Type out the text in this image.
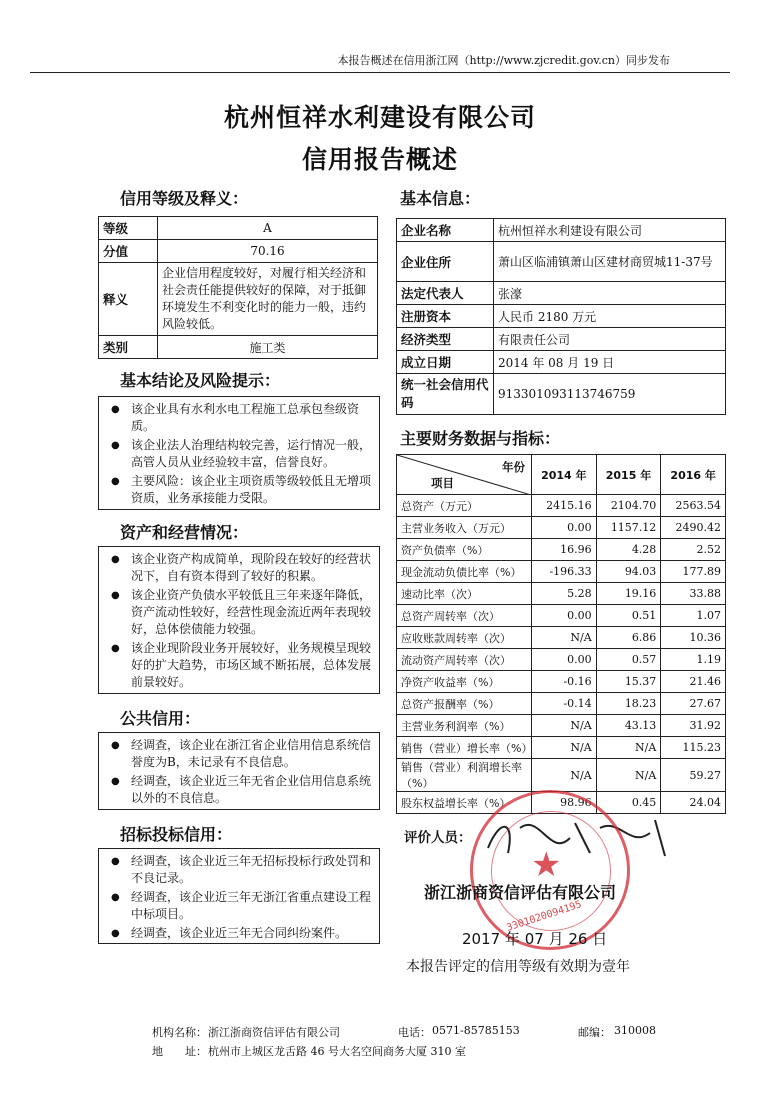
本报告概述在信用浙江网（http://www.zjcredit.gov.cn）同步发布
杭州恒祥水利建设有限公司
信用报告概述
信用等级及释义：
等级	A
分值	70.16
释义	企业信用程度较好，对履行相关经济和社会责任能提供较好的保障，对于抵御环境发生不利变化时的能力一般，违约风险较低。
类别	施工类
基本结论及风险提示：
● 该企业具有水利水电工程施工总承包叁级资质。
● 该企业法人治理结构较完善，运行情况一般，高管人员从业经验较丰富，信誉良好。
● 主要风险：该企业主项资质等级较低且无增项资质，业务承接能力受限。
资产和经营情况：
● 该企业资产构成简单，现阶段在较好的经营状况下，自有资本得到了较好的积累。
● 该企业资产负债水平较低且三年来逐年降低，资产流动性较好，经营性现金流近两年表现较好，总体偿债能力较强。
● 该企业现阶段业务开展较好，业务规模呈现较好的扩大趋势，市场区域不断拓展，总体发展前景较好。
公共信用：
● 经调查，该企业在浙江省企业信用信息系统信誉度为B，未记录有不良信息。
● 经调查，该企业近三年无省企业信用信息系统以外的不良信息。
招标投标信用：
● 经调查，该企业近三年无招标投标行政处罚和不良记录。
● 经调查，该企业近三年无浙江省重点建设工程中标项目。
● 经调查，该企业近三年无合同纠纷案件。
基本信息：
企业名称	杭州恒祥水利建设有限公司
企业住所	萧山区临浦镇萧山区建材商贸城11-37号
法定代表人	张濠
注册资本	人民币 2180 万元
经济类型	有限责任公司
成立日期	2014 年 08 月 19 日
统一社会信用代码	913301093113746759
主要财务数据与指标：
年份
项目	2014 年	2015 年	2016 年
总资产（万元）	2415.16	2104.70	2563.54
主营业务收入（万元）	0.00	1157.12	2490.42
资产负债率（%）	16.96	4.28	2.52
现金流动负债比率（%）	-196.33	94.03	177.89
速动比率（次）	5.28	19.16	33.88
总资产周转率（次）	0.00	0.51	1.07
应收账款周转率（次）	N/A	6.86	10.36
流动资产周转率（次）	0.00	0.57	1.19
净资产收益率（%）	-0.16	15.37	21.46
总资产报酬率（%）	-0.14	18.23	27.67
主营业务利润率（%）	N/A	43.13	31.92
销售（营业）增长率（%）	N/A	N/A	115.23
销售（营业）利润增长率（%）	N/A	N/A	59.27
股东权益增长率（%）	98.96	0.45	24.04
评价人员：
★
3301020094195
浙江浙商资信评估有限公司
2017 年 07 月 26 日
本报告评定的信用等级有效期为壹年
机构名称： 浙江浙商资信评估有限公司	电话： 0571-85785153	邮编： 310008
地　　址： 杭州市上城区龙舌路 46 号大名空间商务大厦 310 室
